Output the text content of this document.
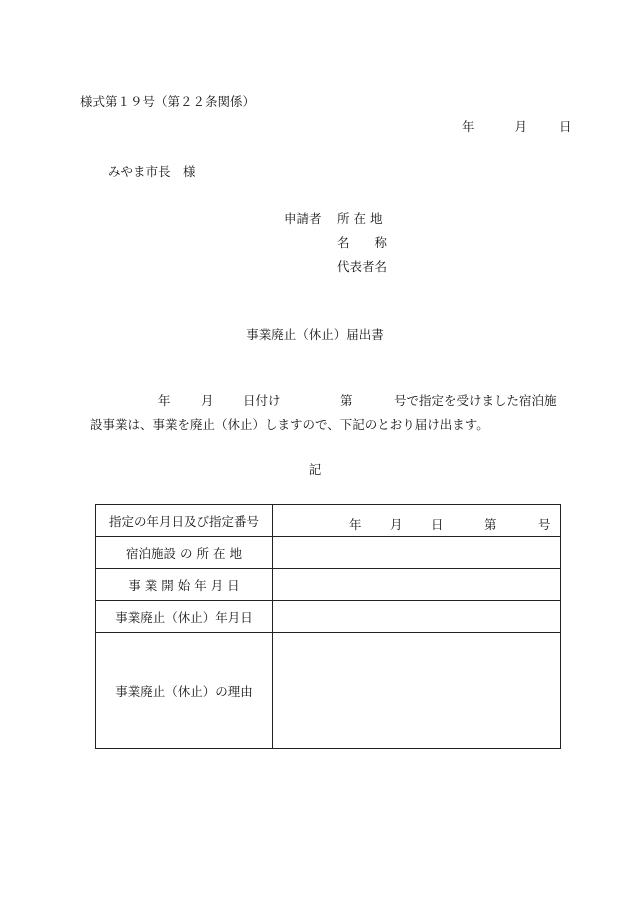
様式第１９号（第２２条関係）
年	月	日
みやま市長　様
申請者 所 在 地
名　　称
代表者名
事業廃止（休止）届出書
年 月 日付け	第	号で指定を受けました宿泊施
設事業は、事業を廃止（休止）しますので、下記のとおり届け出ます。
記
指定の年月日及び指定番号	年 月 日 第 号

宿泊施設 の 所 在 地	
事 業 開 始 年 月 日	
事業廃止（休止）年月日	
事業廃止（休止）の理由	
